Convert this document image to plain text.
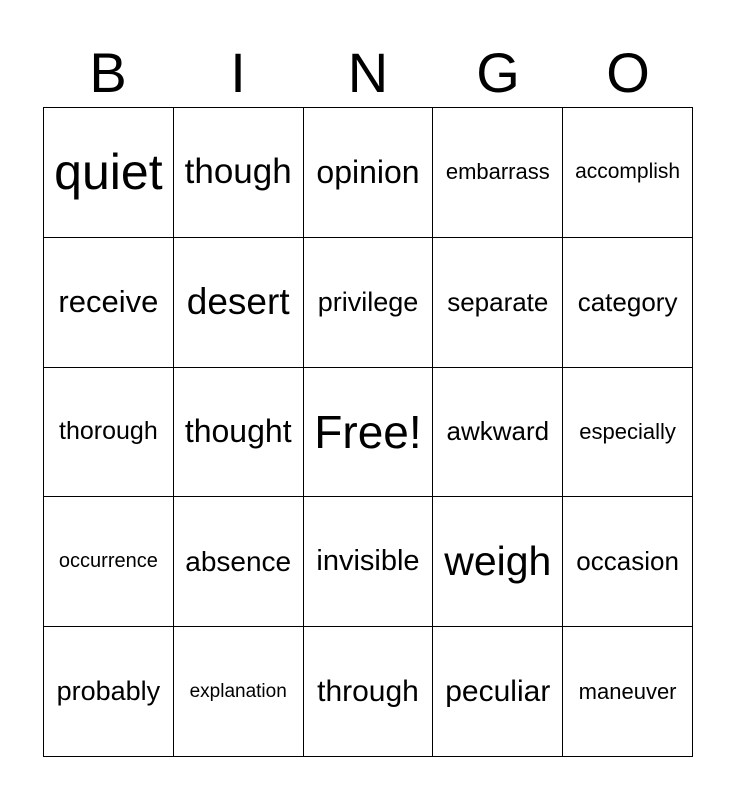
B	I	N	G	O
quiet though opinion embarrass accomplish
receive desert privilege separate category
thorough thought Free! awkward especially
occurrence absence invisible weigh occasion
probably explanation through peculiar maneuver
